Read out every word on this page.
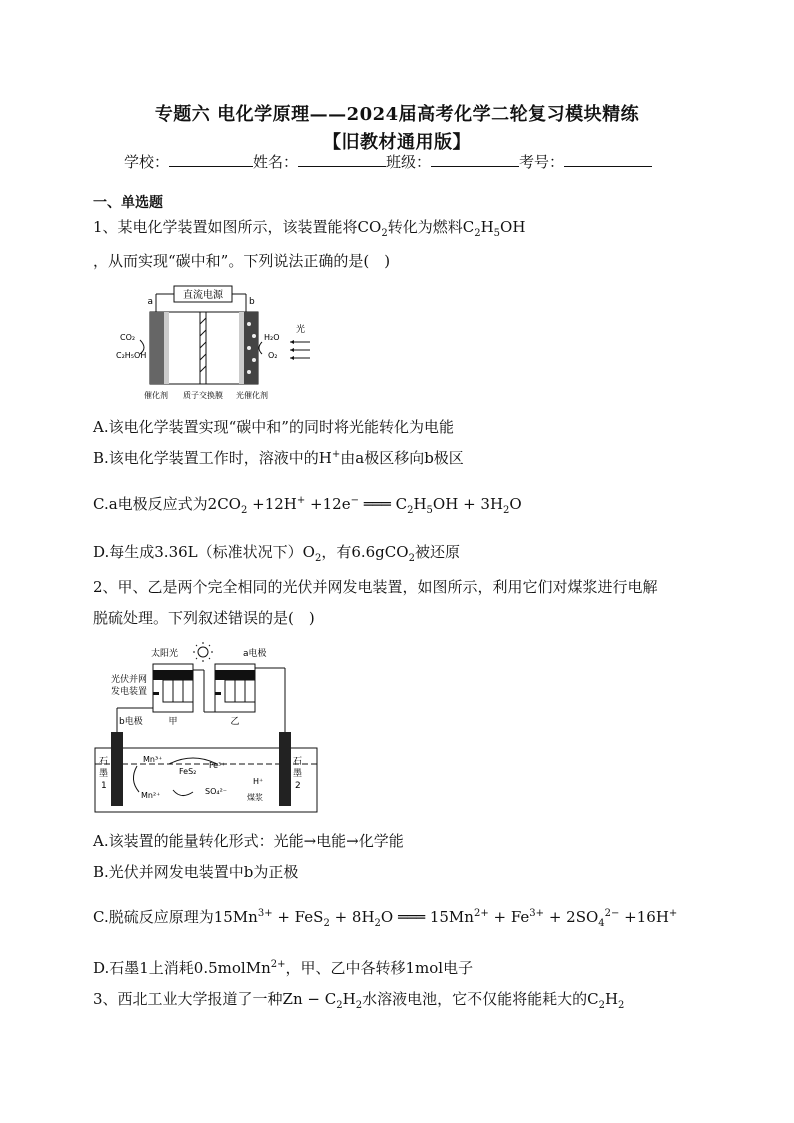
专题六 电化学原理——2024届高考化学二轮复习模块精练
【旧教材通用版】
学校：	姓名：	班级：	考号：
一、单选题
1、某电化学装置如图所示，该装置能将$CO_2$转化为燃料$C_2H_5OH$
，从而实现“碳中和”。下列说法正确的是(　)
直流电源
a	b
CO₂
C₂H₅OH
H₂O
O₂
光
催化剂 质子交换膜 光催化剂
A.该电化学装置实现“碳中和”的同时将光能转化为电能
B.该电化学装置工作时，溶液中的H+由a极区移向b极区
C.a电极反应式为$2CO_2 +12H^+ +12e^-$ ═══ $C_2H_5OH + 3H_2O$
D.每生成3.36L（标准状况下）$O_2$，有6.6gCO$_2$被还原
2、甲、乙是两个完全相同的光伏并网发电装置，如图所示，利用它们对煤浆进行电解
脱硫处理。下列叙述错误的是(　)
太阳光	a电极
光伏并网
发电装置
甲	乙
b电极
石
墨
1
石
墨
2
Mn³⁺
Mn²⁺
FeS₂
Fe³⁺
SO₄²⁻
H⁺
煤浆
A.该装置的能量转化形式：光能→电能→化学能
B.光伏并网发电装置中b为正极
C.脱硫反应原理为$15Mn^{3+} + FeS_2 + 8H_2O$ ═══ $15Mn^{2+} + Fe^{3+} + 2SO_4^{2-} +16H^+$
D.石墨1上消耗0.5molMn$^{2+}$，甲、乙中各转移1mol电子
3、西北工业大学报道了一种$Zn - C_2H_2$水溶液电池，它不仅能将能耗大的$C_2H_2$
